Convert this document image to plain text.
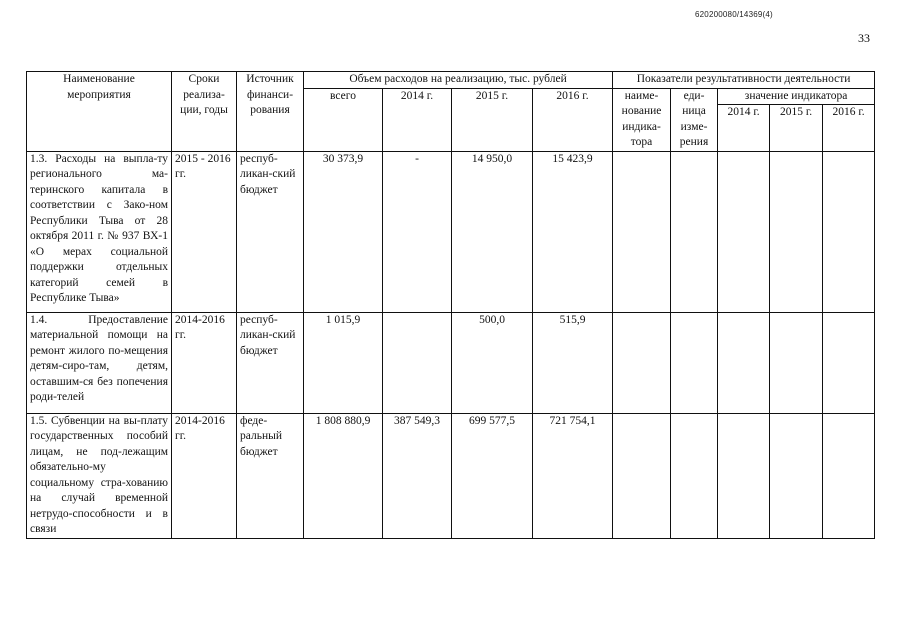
620200080/14369(4)
33
Наименование мероприятия	Сроки реализа-ции, годы	Источник финанси-рования	Объем расходов на реализацию, тыс. рублей				Показатели результативности деятельности				
			всего	2014 г.	2015 г.	2016 г.	наиме-нование индика-тора	еди-ница изме-рения	значение индикатора		
									2014 г.	2015 г.	2016 г.
1.3. Расходы на выпла-ту регионального ма-теринского капитала в соответствии с Зако-ном Республики Тыва от 28 октября 2011 г. № 937 ВХ-1 «О мерах социальной поддержки отдельных категорий семей в Республике Тыва»	2015 - 2016 гг.	респуб-ликан-ский бюджет	30 373,9	-	14 950,0	15 423,9					
1.4. Предоставление материальной помощи на ремонт жилого по-мещения детям-сиро-там, детям, оставшим-ся без попечения роди-телей	2014-2016 гг.	респуб-ликан-ский бюджет	1 015,9		500,0	515,9					
1.5. Субвенции на вы-плату государственных пособий лицам, не под-лежащим обязательно-му социальному стра-хованию на случай временной нетрудо-способности и в связи	2014-2016 гг.	феде-ральный бюджет	1 808 880,9	387 549,3	699 577,5	721 754,1					
